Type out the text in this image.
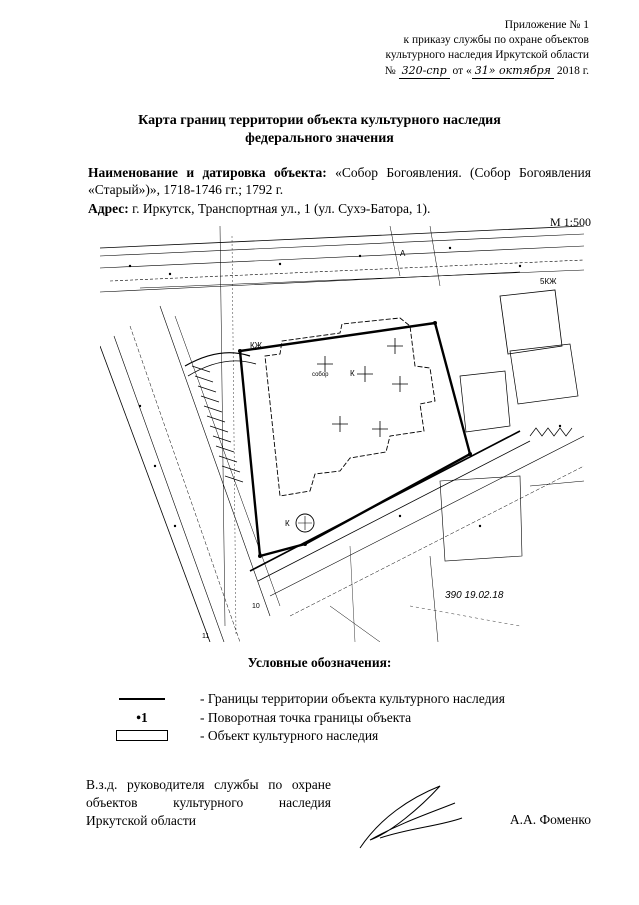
Приложение № 1
к приказу службы по охране объектов
культурного наследия Иркутской области
№ 320-спр от « 31» октября 2018 г.
Карта границ территории объекта культурного наследия
федерального значения
Наименование и датировка объекта: «Собор Богоявления. (Собор Богоявления «Старый»)», 1718-1746 гг.; 1792 г.
Адрес: г. Иркутск, Транспортная ул., 1 (ул. Сухэ-Батора, 1).
М 1:500
КЖ
К
К
5КЖ
А
собор
10
11
390 19.02.18
Условные обозначения:
- Границы территории объекта культурного наследия
•1	- Поворотная точка границы объекта
- Объект культурного наследия
В.з.д. руководителя службы по охране объектов культурного наследия Иркутской области	А.А. Фоменко
